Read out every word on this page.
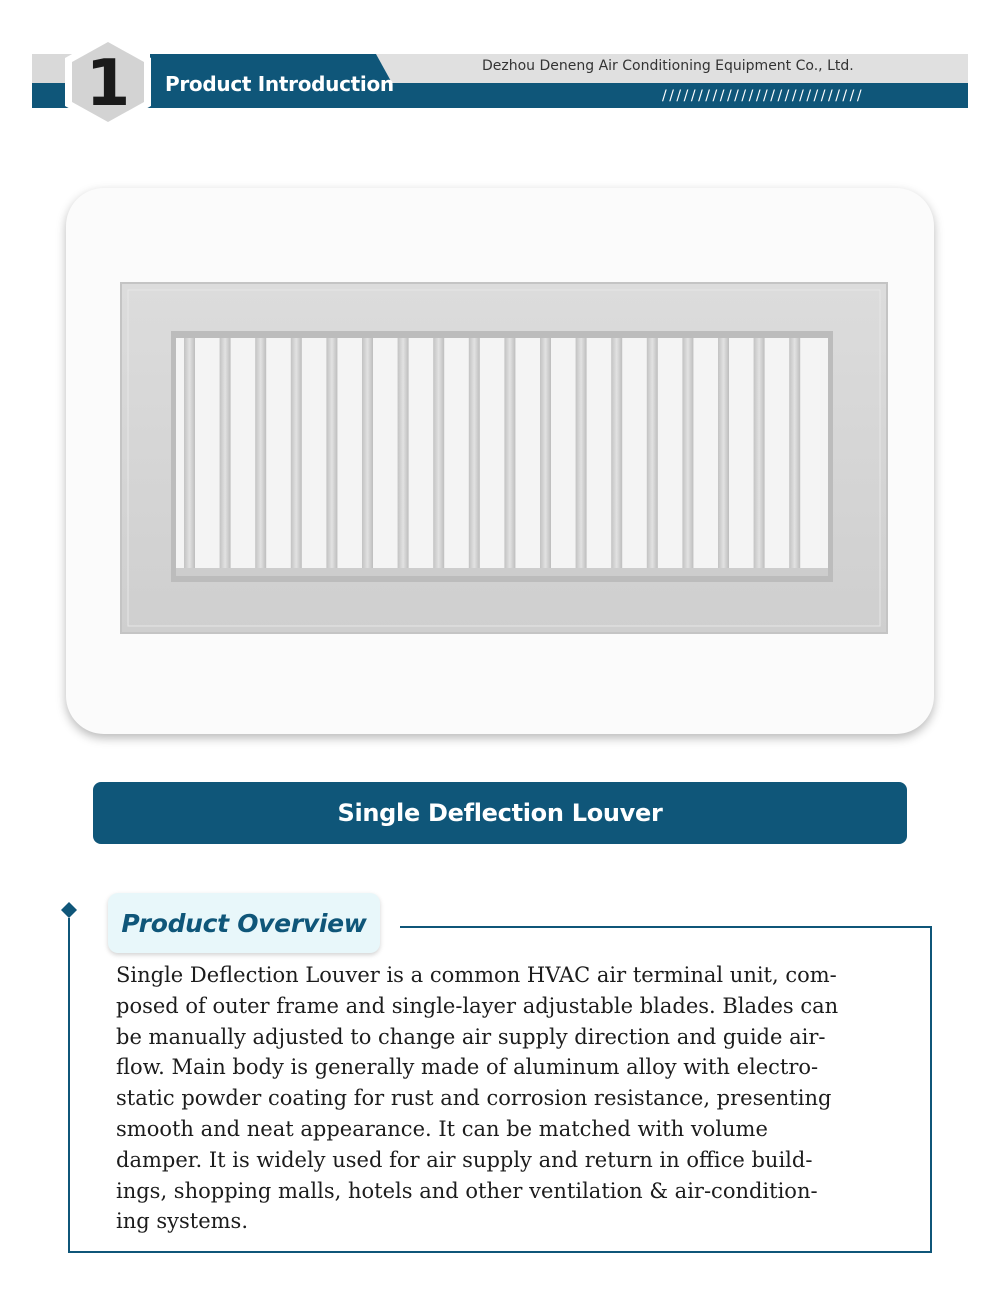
1	Product Introduction
Dezhou Deneng Air Conditioning Equipment Co., Ltd.
////////////////////////////
Single Deflection Louver
Product Overview

Single Deflection Louver is a common HVAC air terminal unit, com-
posed of outer frame and single-layer adjustable blades. Blades can
be manually adjusted to change air supply direction and guide air-
flow. Main body is generally made of aluminum alloy with electro-
static powder coating for rust and corrosion resistance, presenting
smooth and neat appearance. It can be matched with volume
damper. It is widely used for air supply and return in office build-
ings, shopping malls, hotels and other ventilation & air-condition-
ing systems.
